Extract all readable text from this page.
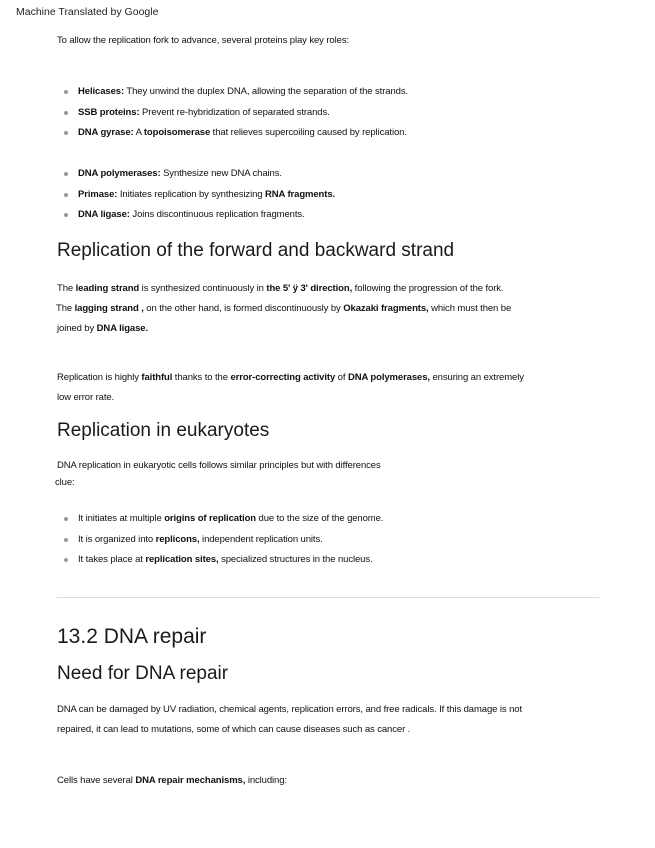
Machine Translated by Google

To allow the replication fork to advance, several proteins play key roles:

Helicases: They unwind the duplex DNA, allowing the separation of the strands.
SSB proteins: Prevent re-hybridization of separated strands.
DNA gyrase: A topoisomerase that relieves supercoiling caused by replication.
DNA polymerases: Synthesize new DNA chains.
Primase: Initiates replication by synthesizing RNA fragments.
DNA ligase: Joins discontinuous replication fragments.
Replication of the forward and backward strand

The leading strand is synthesized continuously in the 5' ÿ 3' direction, following the progression of the fork.

The lagging strand , on the other hand, is formed discontinuously by Okazaki fragments, which must then be

joined by DNA ligase.

Replication is highly faithful thanks to the error-correcting activity of DNA polymerases, ensuring an extremely

low error rate.

Replication in eukaryotes

DNA replication in eukaryotic cells follows similar principles but with differences

clue:

It initiates at multiple origins of replication due to the size of the genome.
It is organized into replicons, independent replication units.
It takes place at replication sites, specialized structures in the nucleus.
13.2 DNA repair
Need for DNA repair

DNA can be damaged by UV radiation, chemical agents, replication errors, and free radicals. If this damage is not

repaired, it can lead to mutations, some of which can cause diseases such as cancer .

Cells have several DNA repair mechanisms, including:
